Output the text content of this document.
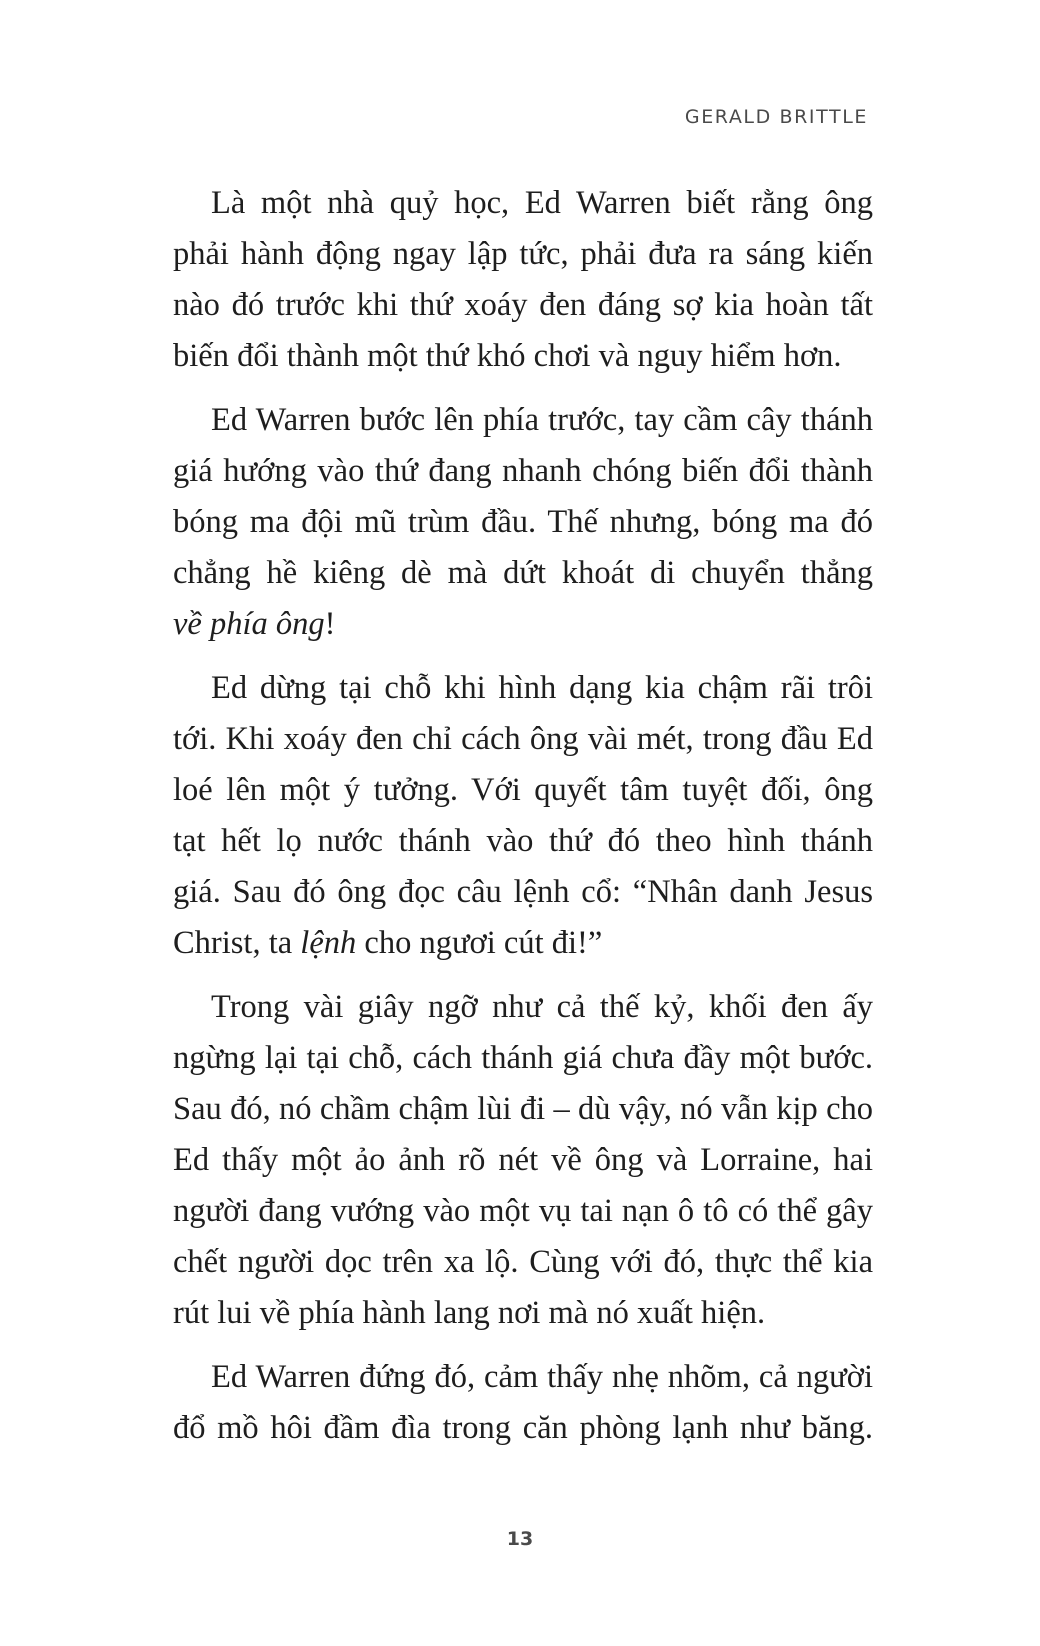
GERALD BRITTLE
Là một nhà quỷ học, Ed Warren biết rằng ông
phải hành động ngay lập tức, phải đưa ra sáng kiến
nào đó trước khi thứ xoáy đen đáng sợ kia hoàn tất
biến đổi thành một thứ khó chơi và nguy hiểm hơn.
Ed Warren bước lên phía trước, tay cầm cây thánh
giá hướng vào thứ đang nhanh chóng biến đổi thành
bóng ma đội mũ trùm đầu. Thế nhưng, bóng ma đó
chẳng hề kiêng dè mà dứt khoát di chuyển thẳng
về phía ông!
Ed dừng tại chỗ khi hình dạng kia chậm rãi trôi
tới. Khi xoáy đen chỉ cách ông vài mét, trong đầu Ed
loé lên một ý tưởng. Với quyết tâm tuyệt đối, ông
tạt hết lọ nước thánh vào thứ đó theo hình thánh
giá. Sau đó ông đọc câu lệnh cổ: “Nhân danh Jesus
Christ, ta lệnh cho ngươi cút đi!”
Trong vài giây ngỡ như cả thế kỷ, khối đen ấy
ngừng lại tại chỗ, cách thánh giá chưa đầy một bước.
Sau đó, nó chầm chậm lùi đi – dù vậy, nó vẫn kịp cho
Ed thấy một ảo ảnh rõ nét về ông và Lorraine, hai
người đang vướng vào một vụ tai nạn ô tô có thể gây
chết người dọc trên xa lộ. Cùng với đó, thực thể kia
rút lui về phía hành lang nơi mà nó xuất hiện.
Ed Warren đứng đó, cảm thấy nhẹ nhõm, cả người
đổ mồ hôi đầm đìa trong căn phòng lạnh như băng.
13
